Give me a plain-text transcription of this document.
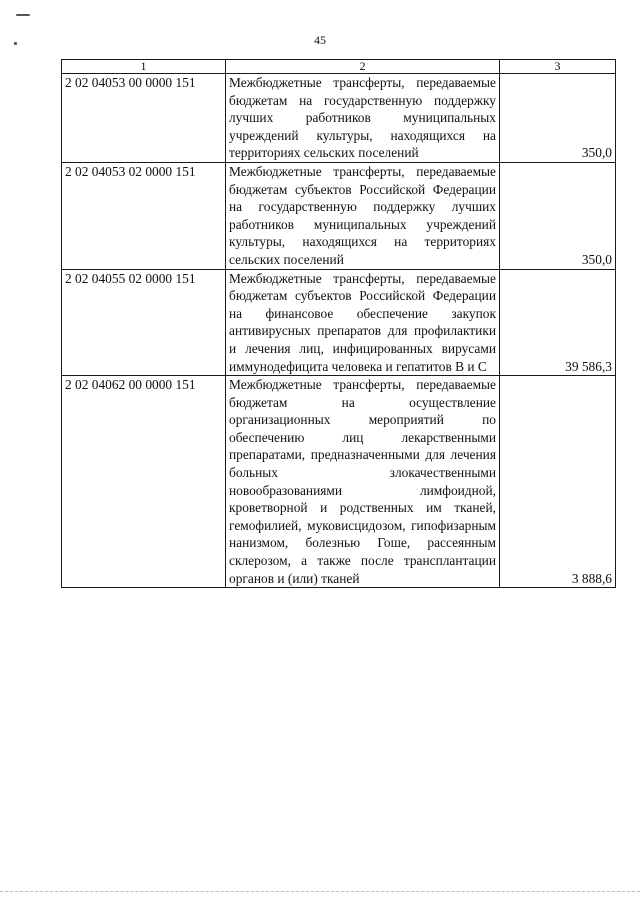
45
1	2	3
2 02 04053 00 0000 151	Межбюджетные трансферты, передаваемые бюджетам на государственную поддержку лучших работников муниципальных учреждений культуры, находящихся на территориях сельских поселений	350,0
2 02 04053 02 0000 151	Межбюджетные трансферты, передаваемые бюджетам субъектов Российской Федерации на государственную поддержку лучших работников муниципальных учреждений культуры, находящихся на территориях сельских поселений	350,0
2 02 04055 02 0000 151	Межбюджетные трансферты, передаваемые бюджетам субъектов Российской Федерации на финансовое обеспечение закупок антивирусных препаратов для профилактики и лечения лиц, инфицированных вирусами иммунодефицита человека и гепатитов В и С	39 586,3
2 02 04062 00 0000 151	Межбюджетные трансферты, передаваемые бюджетам на осуществление организационных мероприятий по обеспечению лиц лекарственными препаратами, предназначенными для лечения больных злокачественными новообразованиями лимфоидной, кроветворной и родственных им тканей, гемофилией, муковисцидозом, гипофизарным нанизмом, болезнью Гоше, рассеянным склерозом, а также после трансплантации органов и (или) тканей	3 888,6
